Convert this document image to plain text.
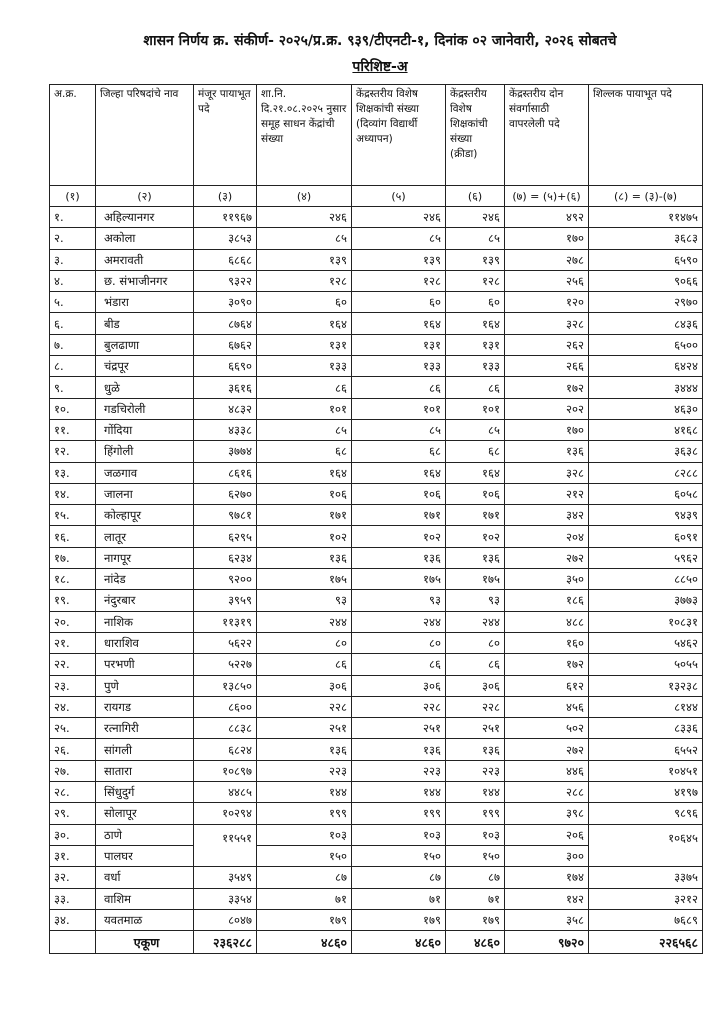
शासन निर्णय क्र. संकीर्ण- २०२५/प्र.क्र. ९३९/टीएनटी-१, दिनांक ०२ जानेवारी, २०२६ सोबतचे
परिशिष्ट-अ
अ.क्र.	जिल्हा परिषदांचे नाव	मंजूर पायाभूत पदे	शा.नि. दि.२१.०८.२०२५ नुसार समूह साधन केंद्रांची संख्या	केंद्रस्तरीय विशेष शिक्षकांची संख्या (दिव्यांग विद्यार्थी अध्यापन)	केंद्रस्तरीय विशेष शिक्षकांची संख्या (क्रीडा)	केंद्रस्तरीय दोन संवर्गासाठी वापरलेली पदे	शिल्लक पायाभूत पदे
(१)	(२)	(३)	(४)	(५)	(६)	(७) = (५)+(६)	(८) = (३)-(७)
१.	अहिल्यानगर	११९६७	२४६	२४६	२४६	४९२	११४७५
२.	अकोला	३८५३	८५	८५	८५	१७०	३६८३
३.	अमरावती	६८६८	१३९	१३९	१३९	२७८	६५९०
४.	छ. संभाजीनगर	९३२२	१२८	१२८	१२८	२५६	९०६६
५.	भंडारा	३०९०	६०	६०	६०	१२०	२९७०
६.	बीड	८७६४	१६४	१६४	१६४	३२८	८४३६
७.	बुलढाणा	६७६२	१३१	१३१	१३१	२६२	६५००
८.	चंद्रपूर	६६९०	१३३	१३३	१३३	२६६	६४२४
९.	धुळे	३६१६	८६	८६	८६	१७२	३४४४
१०.	गडचिरोली	४८३२	१०१	१०१	१०१	२०२	४६३०
११.	गोंदिया	४३३८	८५	८५	८५	१७०	४१६८
१२.	हिंगोली	३७७४	६८	६८	६८	१३६	३६३८
१३.	जळगाव	८६१६	१६४	१६४	१६४	३२८	८२८८
१४.	जालना	६२७०	१०६	१०६	१०६	२१२	६०५८
१५.	कोल्हापूर	९७८१	१७१	१७१	१७१	३४२	९४३९
१६.	लातूर	६२९५	१०२	१०२	१०२	२०४	६०९१
१७.	नागपूर	६२३४	१३६	१३६	१३६	२७२	५९६२
१८.	नांदेड	९२००	१७५	१७५	१७५	३५०	८८५०
१९.	नंदुरबार	३९५९	९३	९३	९३	१८६	३७७३
२०.	नाशिक	११३१९	२४४	२४४	२४४	४८८	१०८३१
२१.	धाराशिव	५६२२	८०	८०	८०	१६०	५४६२
२२.	परभणी	५२२७	८६	८६	८६	१७२	५०५५
२३.	पुणे	१३८५०	३०६	३०६	३०६	६१२	१३२३८
२४.	रायगड	८६००	२२८	२२८	२२८	४५६	८१४४
२५.	रत्नागिरी	८८३८	२५१	२५१	२५१	५०२	८३३६
२६.	सांगली	६८२४	१३६	१३६	१३६	२७२	६५५२
२७.	सातारा	१०८९७	२२३	२२३	२२३	४४६	१०४५१
२८.	सिंधुदुर्ग	४४८५	१४४	१४४	१४४	२८८	४१९७
२९.	सोलापूर	१०२९४	१९९	१९९	१९९	३९८	९८९६
३०.	ठाणे	११५५१	१०३	१०३	१०३	२०६	१०६४५
३१.	पालघर		१५०	१५०	१५०	३००	
३२.	वर्धा	३५४९	८७	८७	८७	१७४	३३७५
३३.	वाशिम	३३५४	७१	७१	७१	१४२	३२१२
३४.	यवतमाळ	८०४७	१७९	१७९	१७९	३५८	७६८९
	एकूण	२३६२८८	४८६०	४८६०	४८६०	९७२०	२२६५६८
